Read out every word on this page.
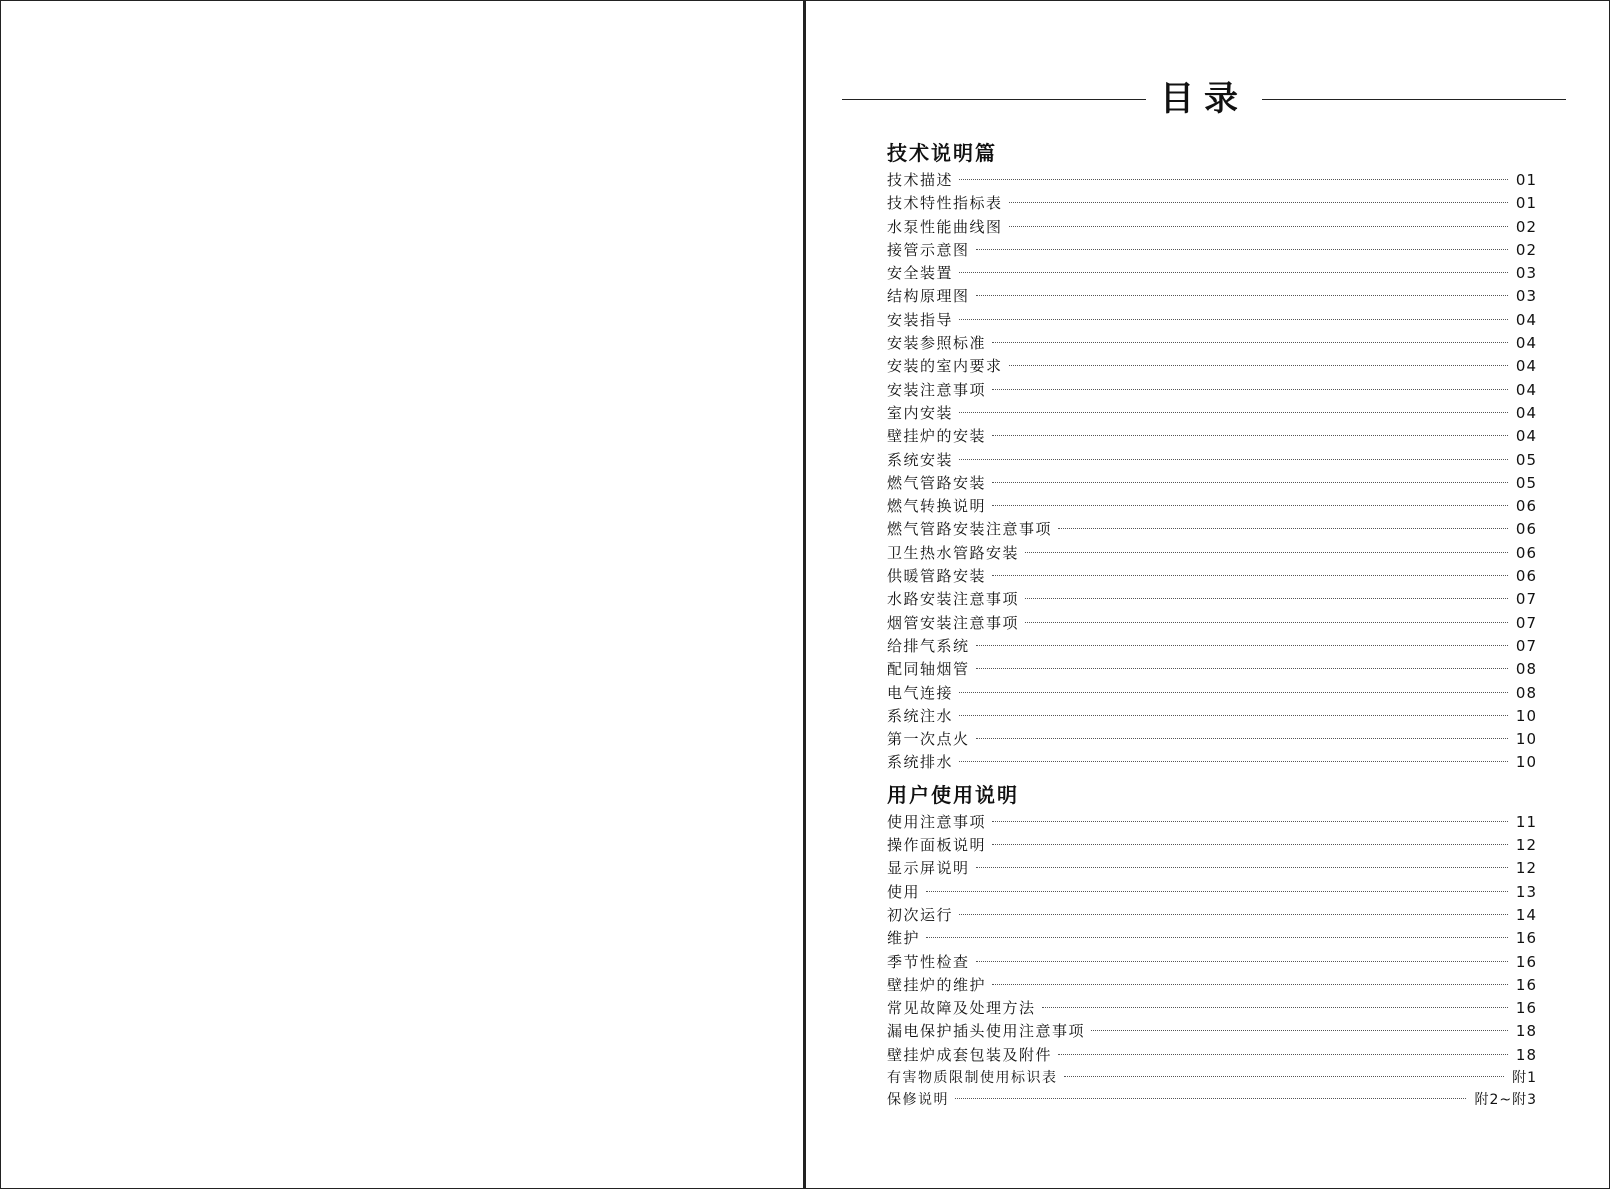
目录
技术说明篇
技术描述	01
技术特性指标表	01
水泵性能曲线图	02
接管示意图	02
安全装置	03
结构原理图	03
安装指导	04
安装参照标准	04
安装的室内要求	04
安装注意事项	04
室内安装	04
壁挂炉的安装	04
系统安装	05
燃气管路安装	05
燃气转换说明	06
燃气管路安装注意事项	06
卫生热水管路安装	06
供暖管路安装	06
水路安装注意事项	07
烟管安装注意事项	07
给排气系统	07
配同轴烟管	08
电气连接	08
系统注水	10
第一次点火	10
系统排水	10
用户使用说明
使用注意事项	11
操作面板说明	12
显示屏说明	12
使用	13
初次运行	14
维护	16
季节性检查	16
壁挂炉的维护	16
常见故障及处理方法	16
漏电保护插头使用注意事项	18
壁挂炉成套包装及附件	18
有害物质限制使用标识表	附1
保修说明	附2~附3
